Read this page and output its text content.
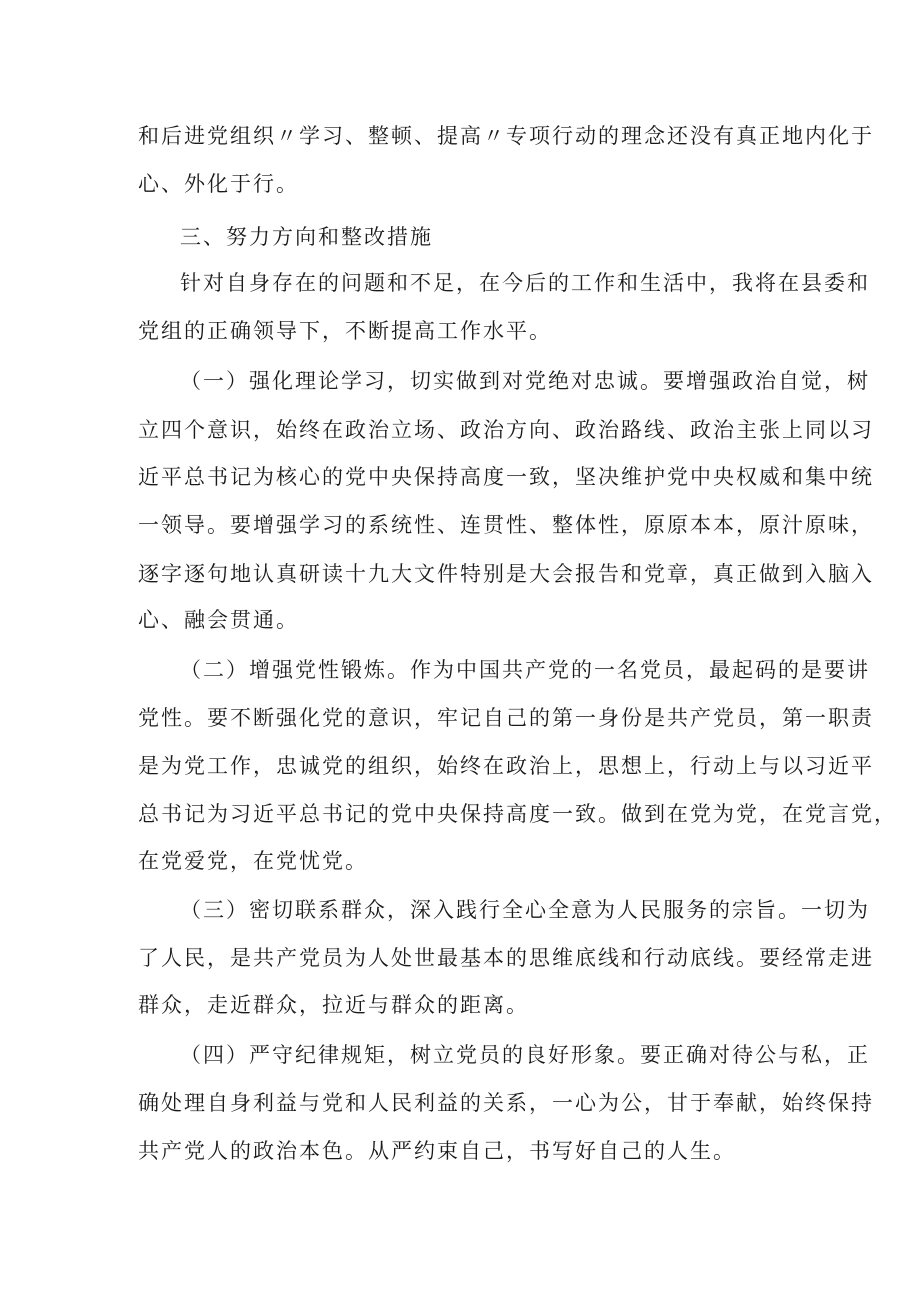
和后进党组织〃学习、整顿、提高〃专项行动的理念还没有真正地内化于
心、外化于行。
三、努力方向和整改措施
针对自身存在的问题和不足，在今后的工作和生活中，我将在县委和
党组的正确领导下，不断提高工作水平。
（一）强化理论学习，切实做到对党绝对忠诚。要增强政治自觉，树
立四个意识，始终在政治立场、政治方向、政治路线、政治主张上同以习
近平总书记为核心的党中央保持高度一致，坚决维护党中央权威和集中统
一领导。要增强学习的系统性、连贯性、整体性，原原本本，原汁原味，
逐字逐句地认真研读十九大文件特别是大会报告和党章，真正做到入脑入
心、融会贯通。
（二）增强党性锻炼。作为中国共产党的一名党员，最起码的是要讲
党性。要不断强化党的意识，牢记自己的第一身份是共产党员，第一职责
是为党工作，忠诚党的组织，始终在政治上，思想上，行动上与以习近平
总书记为习近平总书记的党中央保持高度一致。做到在党为党，在党言党，
在党爱党，在党忧党。
（三）密切联系群众，深入践行全心全意为人民服务的宗旨。一切为
了人民，是共产党员为人处世最基本的思维底线和行动底线。要经常走进
群众，走近群众，拉近与群众的距离。
（四）严守纪律规矩，树立党员的良好形象。要正确对待公与私，正
确处理自身利益与党和人民利益的关系，一心为公，甘于奉献，始终保持
共产党人的政治本色。从严约束自己，书写好自己的人生。
